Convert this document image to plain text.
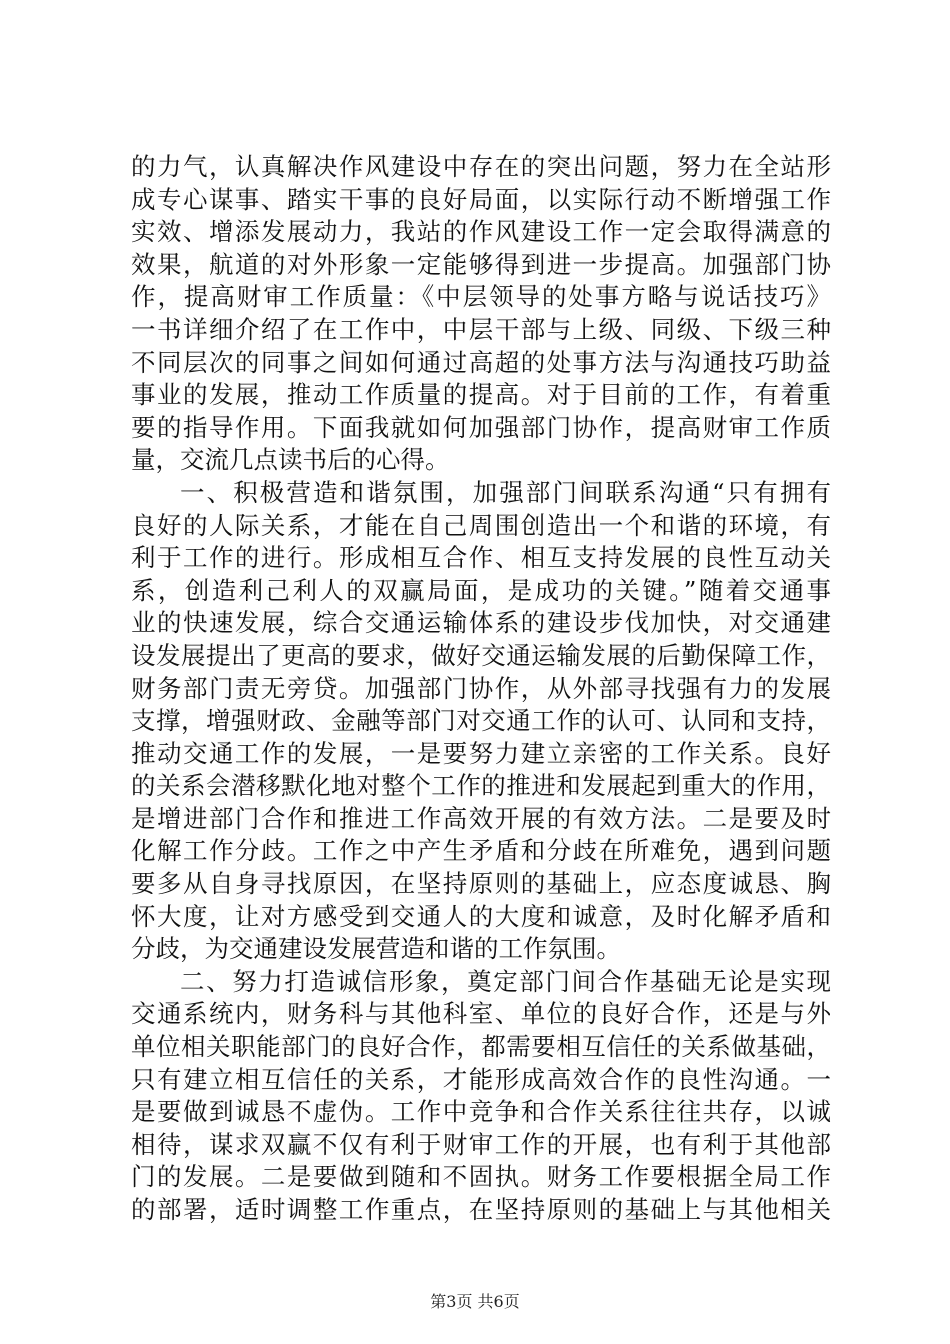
的力气，认真解决作风建设中存在的突出问题，努力在全站形
成专心谋事、踏实干事的良好局面，以实际行动不断增强工作
实效、增添发展动力，我站的作风建设工作一定会取得满意的
效果，航道的对外形象一定能够得到进一步提高。加强部门协
作，提高财审工作质量：《中层领导的处事方略与说话技巧》
一书详细介绍了在工作中，中层干部与上级、同级、下级三种
不同层次的同事之间如何通过高超的处事方法与沟通技巧助益
事业的发展，推动工作质量的提高。对于目前的工作，有着重
要的指导作用。下面我就如何加强部门协作，提高财审工作质
量，交流几点读书后的心得。
一、积极营造和谐氛围，加强部门间联系沟通“只有拥有
良好的人际关系，才能在自己周围创造出一个和谐的环境，有
利于工作的进行。形成相互合作、相互支持发展的良性互动关
系，创造利己利人的双赢局面，是成功的关键。”随着交通事
业的快速发展，综合交通运输体系的建设步伐加快，对交通建
设发展提出了更高的要求，做好交通运输发展的后勤保障工作，
财务部门责无旁贷。加强部门协作，从外部寻找强有力的发展
支撑，增强财政、金融等部门对交通工作的认可、认同和支持，
推动交通工作的发展，一是要努力建立亲密的工作关系。良好
的关系会潜移默化地对整个工作的推进和发展起到重大的作用，
是增进部门合作和推进工作高效开展的有效方法。二是要及时
化解工作分歧。工作之中产生矛盾和分歧在所难免，遇到问题
要多从自身寻找原因，在坚持原则的基础上，应态度诚恳、胸
怀大度，让对方感受到交通人的大度和诚意，及时化解矛盾和
分歧，为交通建设发展营造和谐的工作氛围。
二、努力打造诚信形象，奠定部门间合作基础无论是实现
交通系统内，财务科与其他科室、单位的良好合作，还是与外
单位相关职能部门的良好合作，都需要相互信任的关系做基础，
只有建立相互信任的关系，才能形成高效合作的良性沟通。一
是要做到诚恳不虚伪。工作中竞争和合作关系往往共存，以诚
相待，谋求双赢不仅有利于财审工作的开展，也有利于其他部
门的发展。二是要做到随和不固执。财务工作要根据全局工作
的部署，适时调整工作重点，在坚持原则的基础上与其他相关
第3页 共6页
